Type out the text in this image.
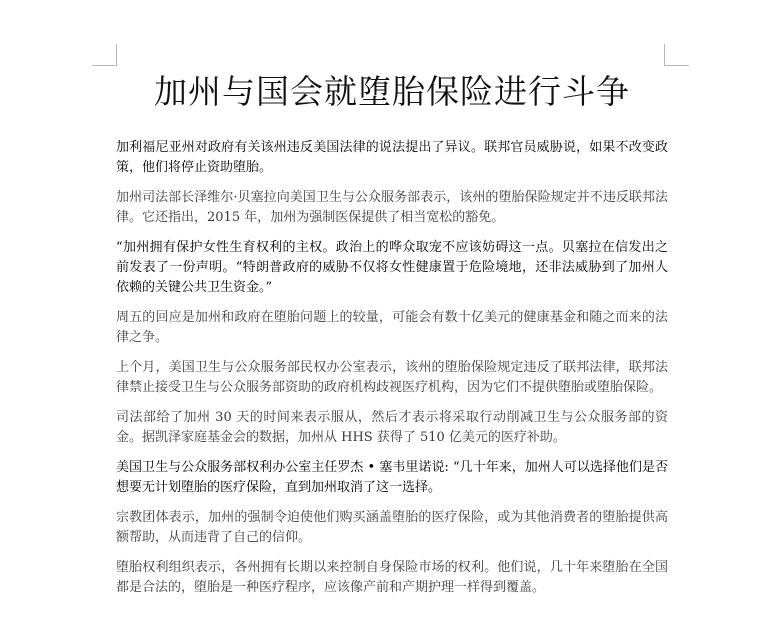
加州与国会就堕胎保险进行斗争

加利福尼亚州对政府有关该州违反美国法律的说法提出了异议。联邦官员威胁说，如果不改变政策，他们将停止资助堕胎。

加州司法部长泽维尔·贝塞拉向美国卫生与公众服务部表示，该州的堕胎保险规定并不违反联邦法律。它还指出，2015 年，加州为强制医保提供了相当宽松的豁免。

“加州拥有保护女性生育权利的主权。政治上的哗众取宠不应该妨碍这一点。贝塞拉在信发出之前发表了一份声明。“特朗普政府的威胁不仅将女性健康置于危险境地，还非法威胁到了加州人依赖的关键公共卫生资金。”

周五的回应是加州和政府在堕胎问题上的较量，可能会有数十亿美元的健康基金和随之而来的法律之争。

上个月，美国卫生与公众服务部民权办公室表示，该州的堕胎保险规定违反了联邦法律，联邦法律禁止接受卫生与公众服务部资助的政府机构歧视医疗机构，因为它们不提供堕胎或堕胎保险。

司法部给了加州 30 天的时间来表示服从，然后才表示将采取行动削减卫生与公众服务部的资金。据凯泽家庭基金会的数据，加州从 HHS 获得了 510 亿美元的医疗补助。

美国卫生与公众服务部权利办公室主任罗杰 • 塞韦里诺说: “几十年来，加州人可以选择他们是否想要无计划堕胎的医疗保险，直到加州取消了这一选择。

宗教团体表示，加州的强制令迫使他们购买涵盖堕胎的医疗保险，或为其他消费者的堕胎提供高额帮助，从而违背了自己的信仰。

堕胎权利组织表示，各州拥有长期以来控制自身保险市场的权利。他们说，几十年来堕胎在全国都是合法的，堕胎是一种医疗程序，应该像产前和产期护理一样得到覆盖。
